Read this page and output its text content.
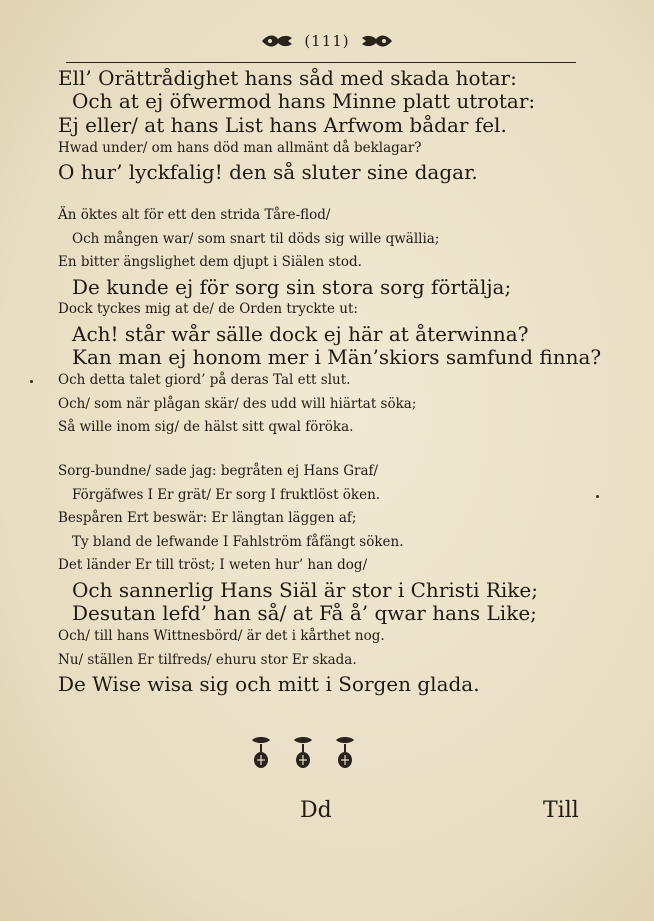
(111)
Ell’ Orättrådighet hans såd med skada hotar:
Och at ej öfwermod hans Minne platt utrotar:
Ej eller/ at hans List hans Arfwom bådar fel.
Hwad under/ om hans död man allmänt då beklagar?
O hur’ lyckfalig! den så sluter sine dagar.
Än öktes alt för ett den strida Tåre-flod/
Och mången war/ som snart til döds sig wille qwällia;
En bitter ängslighet dem djupt i Siälen stod.
De kunde ej för sorg sin stora sorg förtälja;
Dock tyckes mig at de/ de Orden tryckte ut:
Ach! står wår sälle dock ej här at återwinna?
Kan man ej honom mer i Män’skiors samfund finna?
Och detta talet giord’ på deras Tal ett slut.
Och/ som när plågan skär/ des udd will hiärtat söka;
Så wille inom sig/ de hälst sitt qwal föröka.
Sorg-bundne/ sade jag: begråten ej Hans Graf/
Förgäfwes I Er grät/ Er sorg I fruktlöst öken.
Bespåren Ert beswär: Er längtan läggen af;
Ty bland de lefwande I Fahlström fåfängt söken.
Det länder Er till tröst; I weten hur’ han dog/
Och sannerlig Hans Siäl är stor i Christi Rike;
Desutan lefd’ han så/ at Få å’ qwar hans Like;
Och/ till hans Wittnesbörd/ är det i kårthet nog.
Nu/ ställen Er tilfreds/ ehuru stor Er skada.
De Wise wisa sig och mitt i Sorgen glada.
Dd	Till
